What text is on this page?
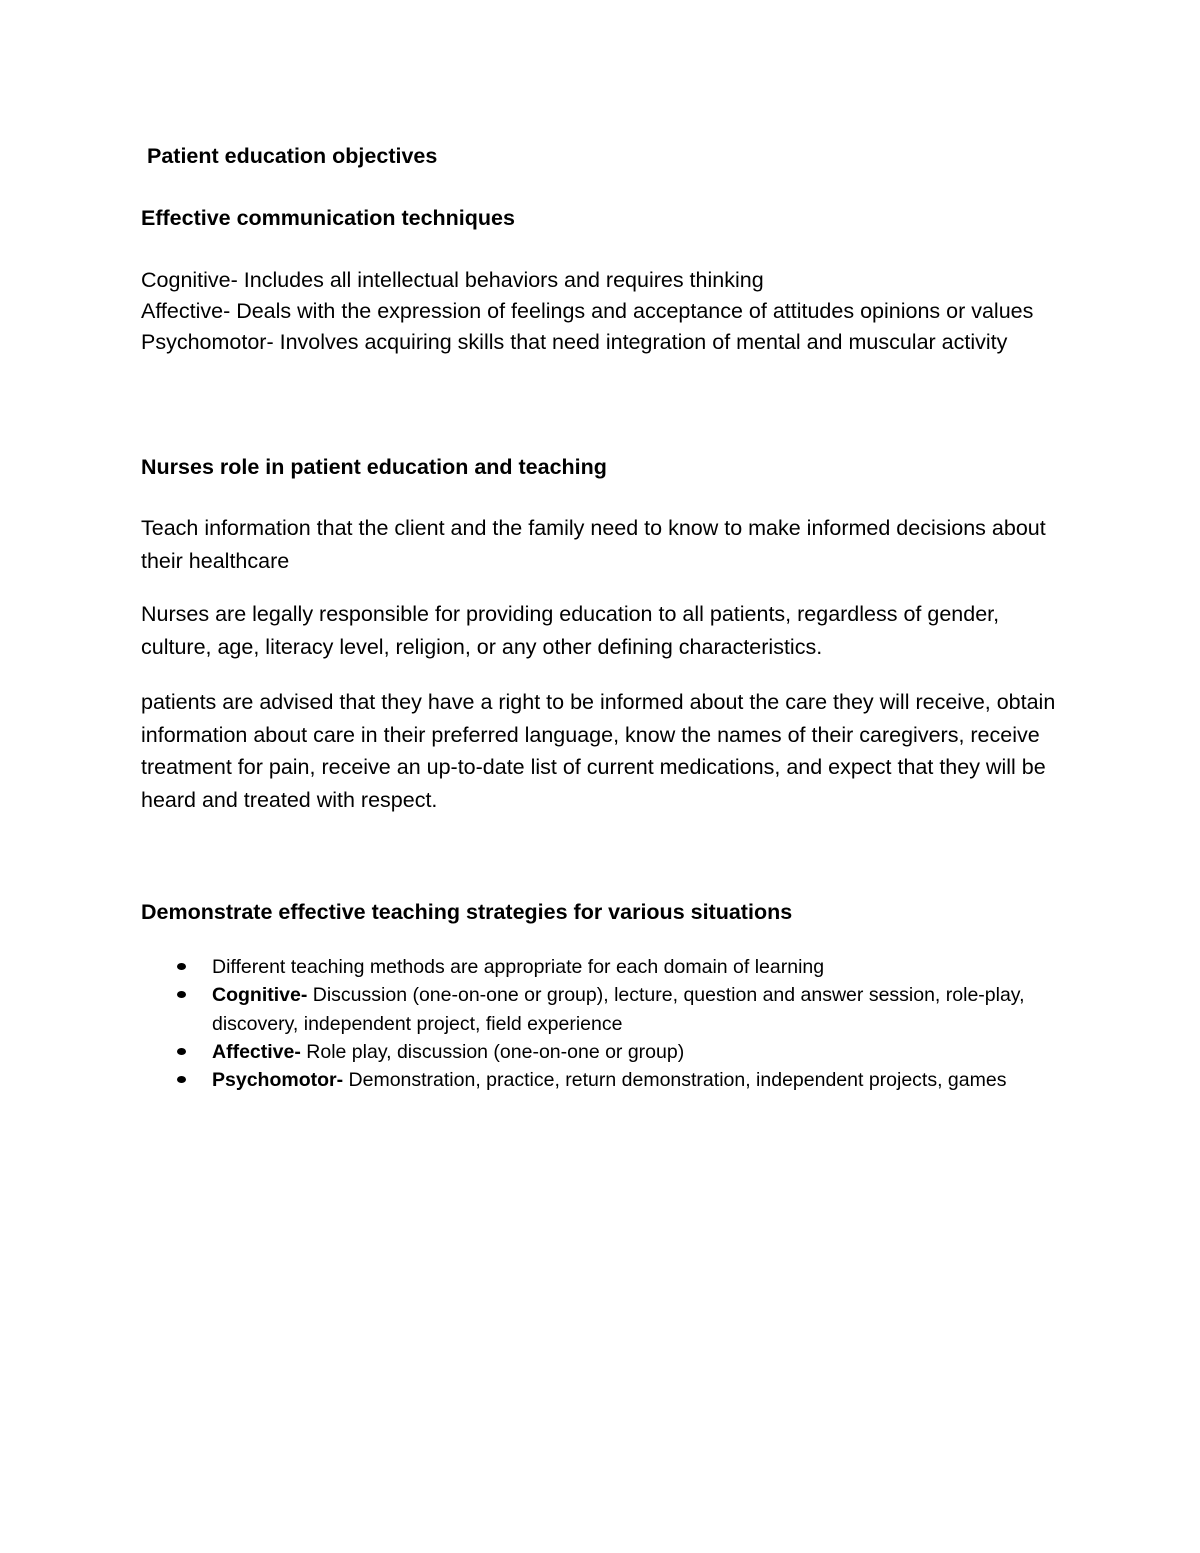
Patient education objectives
Effective communication techniques
Cognitive- Includes all intellectual behaviors and requires thinking
Affective- Deals with the expression of feelings and acceptance of attitudes opinions or values
Psychomotor- Involves acquiring skills that need integration of mental and muscular activity
Nurses role in patient education and teaching

Teach information that the client and the family need to know to make informed decisions about their healthcare

Nurses are legally responsible for providing education to all patients, regardless of gender, culture, age, literacy level, religion, or any other defining characteristics.

patients are advised that they have a right to be informed about the care they will receive, obtain information about care in their preferred language, know the names of their caregivers, receive treatment for pain, receive an up-to-date list of current medications, and expect that they will be heard and treated with respect.

Demonstrate effective teaching strategies for various situations
Different teaching methods are appropriate for each domain of learning
Cognitive- Discussion (one-on-one or group), lecture, question and answer session, role-play, discovery, independent project, field experience
Affective- Role play, discussion (one-on-one or group)
Psychomotor- Demonstration, practice, return demonstration, independent projects, games
